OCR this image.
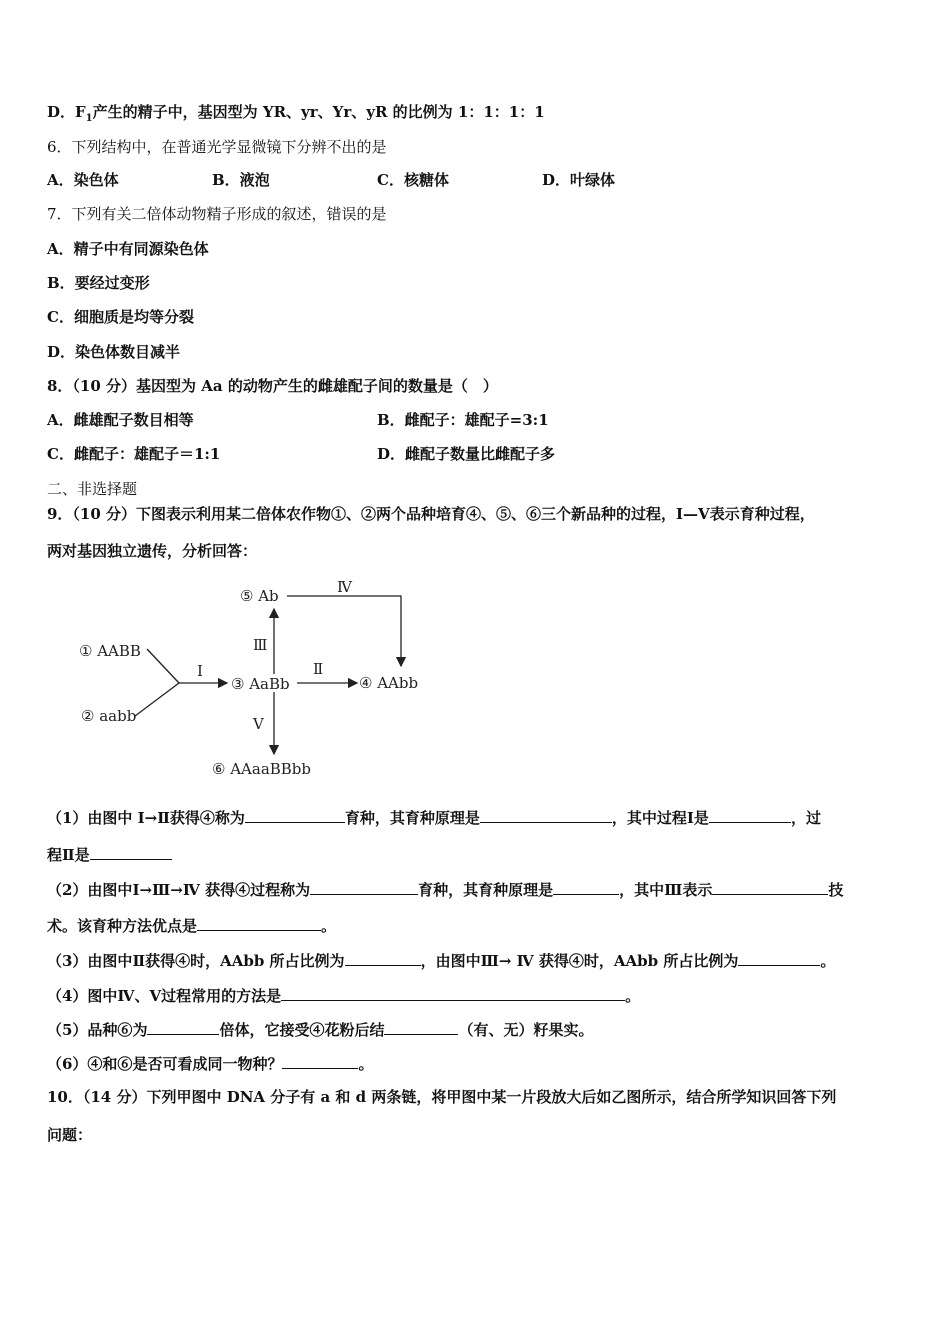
D．$F_1$产生的精子中，基因型为 YR、yr、Yr、yR 的比例为 1：1：1：1
6．下列结构中，在普通光学显微镜下分辨不出的是
A．染色体	B．液泡	C．核糖体	D．叶绿体
7．下列有关二倍体动物精子形成的叙述，错误的是
A．精子中有同源染色体
B．要经过变形
C．细胞质是均等分裂
D．染色体数目减半
8．（10 分）基因型为 Aa 的动物产生的雌雄配子间的数量是（　）
A．雌雄配子数目相等	B．雌配子：雄配子=3:1
C．雌配子：雄配子＝1:1	D．雌配子数量比雌配子多
二、非选择题
9．（10 分）下图表示利用某二倍体农作物①、②两个品种培育④、⑤、⑥三个新品种的过程，Ⅰ—Ⅴ表示育种过程，
两对基因独立遗传，分析回答：
① AABB
② aabb
③ AaBb	④ AAbb
⑤ Ab
⑥ AAaaBBbb
Ⅰ	Ⅱ
Ⅲ
Ⅳ
Ⅴ
（1）由图中 Ⅰ→Ⅱ获得④称为	育种，其育种原理是	，其中过程Ⅰ是	，过
程Ⅱ是
（2）由图中Ⅰ→Ⅲ→Ⅳ 获得④过程称为	育种，其育种原理是	，其中Ⅲ表示	技
术。该育种方法优点是	。
（3）由图中Ⅱ获得④时，AAbb 所占比例为	，由图中Ⅲ→ Ⅳ 获得④时，AAbb 所占比例为	。
（4）图中Ⅳ、Ⅴ过程常用的方法是	。
（5）品种⑥为	倍体，它接受④花粉后结	（有、无）籽果实。
（6）④和⑥是否可看成同一物种？	。
10．（14 分）下列甲图中 DNA 分子有 a 和 d 两条链，将甲图中某一片段放大后如乙图所示，结合所学知识回答下列
问题：
